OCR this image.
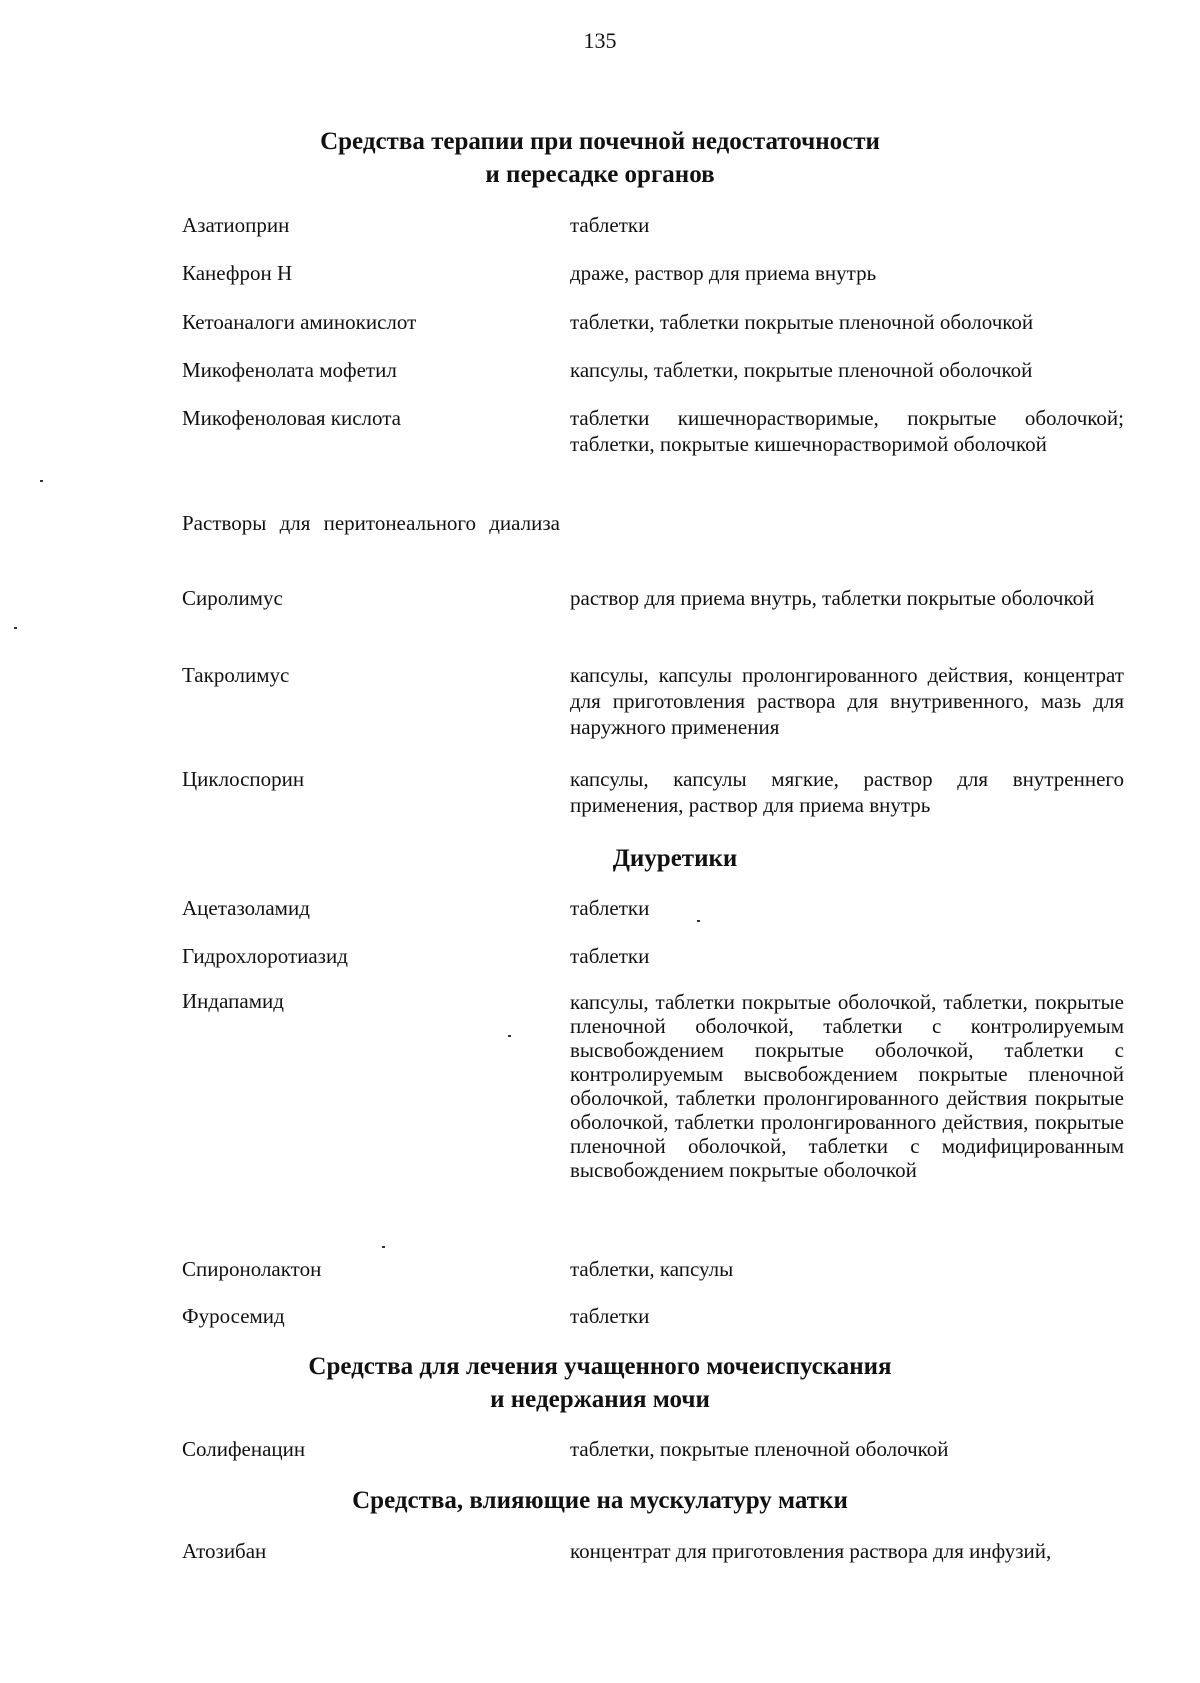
135

Средства терапии при почечной недостаточности

и пересадке органов

Азатиоприн	таблетки
Канефрон Н	драже, раствор для приема внутрь
Кетоаналоги аминокислот	таблетки, таблетки покрытые пленочной оболочкой
Микофенолата мофетил	капсулы, таблетки, покрытые пленочной оболочкой
Микофеноловая кислота	таблетки кишечнорастворимые, покрытые оболочкой; таблетки, покрытые кишечнорастворимой оболочкой
Растворы для перитонеального диализа
Сиролимус	раствор для приема внутрь, таблетки покрытые оболочкой
Такролимус	капсулы, капсулы пролонгированного действия, концентрат для приготовления раствора для внутривенного, мазь для наружного применения
Циклоспорин	капсулы, капсулы мягкие, раствор для внутреннего применения, раствор для приема внутрь

Диуретики

Ацетазоламид	таблетки
Гидрохлоротиазид	таблетки
Индапамид	капсулы, таблетки покрытые оболочкой, таблетки, покрытые пленочной оболочкой, таблетки с контролируемым высвобождением покрытые оболочкой, таблетки с контролируемым высвобождением покрытые пленочной оболочкой, таблетки пролонгированного действия покрытые оболочкой, таблетки пролонгированного действия, покрытые пленочной оболочкой, таблетки с модифицированным высвобождением покрытые оболочкой
Спиронолактон	таблетки, капсулы
Фуросемид	таблетки

Средства для лечения учащенного мочеиспускания

и недержания мочи

Солифенацин	таблетки, покрытые пленочной оболочкой

Средства, влияющие на мускулатуру матки

Атозибан	концентрат для приготовления раствора для инфузий,
